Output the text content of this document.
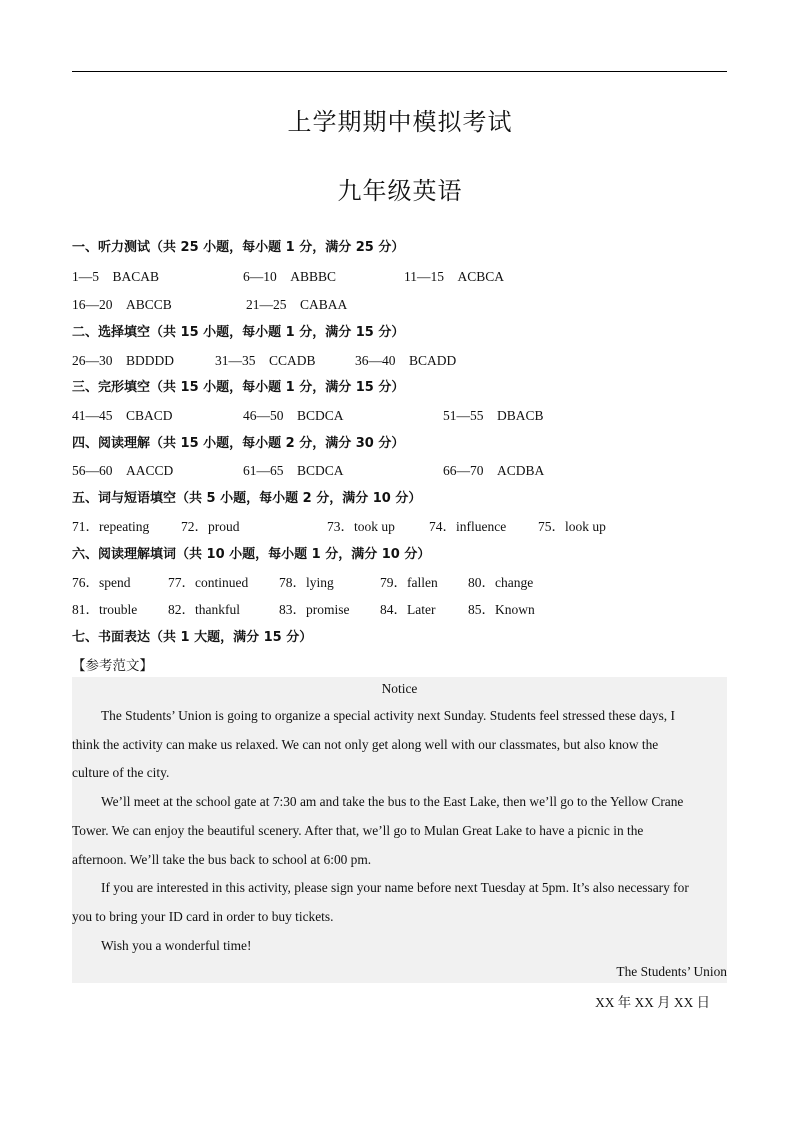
上学期期中模拟考试
九年级英语
一、听力测试（共 25 小题，每小题 1 分，满分 25 分）
1—5　BACAB	6—10　ABBBC	11—15　ACBCA
16—20　ABCCB	21—25　CABAA
二、选择填空（共 15 小题，每小题 1 分，满分 15 分）
26—30　BDDDD	31—35　CCADB	36—40　BCADD
三、完形填空（共 15 小题，每小题 1 分，满分 15 分）
41—45　CBACD	46—50　BCDCA	51—55　DBACB
四、阅读理解（共 15 小题，每小题 2 分，满分 30 分）
56—60　AACCD	61—65　BCDCA	66—70　ACDBA
五、词与短语填空（共 5 小题，每小题 2 分，满分 10 分）
71．repeating 72．proud	73．took up	74．influence 75．look up
六、阅读理解填词（共 10 小题，每小题 1 分，满分 10 分）
76．spend	77．continued 78．lying	79．fallen 80．change
81．trouble 82．thankful	83．promise 84．Later 85．Known
七、书面表达（共 1 大题，满分 15 分）
【参考范文】
Notice
The Students’ Union is going to organize a special activity next Sunday. Students feel stressed these days, I
think the activity can make us relaxed. We can not only get along well with our classmates, but also know the
culture of the city.
We’ll meet at the school gate at 7:30 am and take the bus to the East Lake, then we’ll go to the Yellow Crane
Tower. We can enjoy the beautiful scenery. After that, we’ll go to Mulan Great Lake to have a picnic in the
afternoon. We’ll take the bus back to school at 6:00 pm.
If you are interested in this activity, please sign your name before next Tuesday at 5pm. It’s also necessary for
you to bring your ID card in order to buy tickets.
Wish you a wonderful time!
The Students’ Union
XX 年 XX 月 XX 日
